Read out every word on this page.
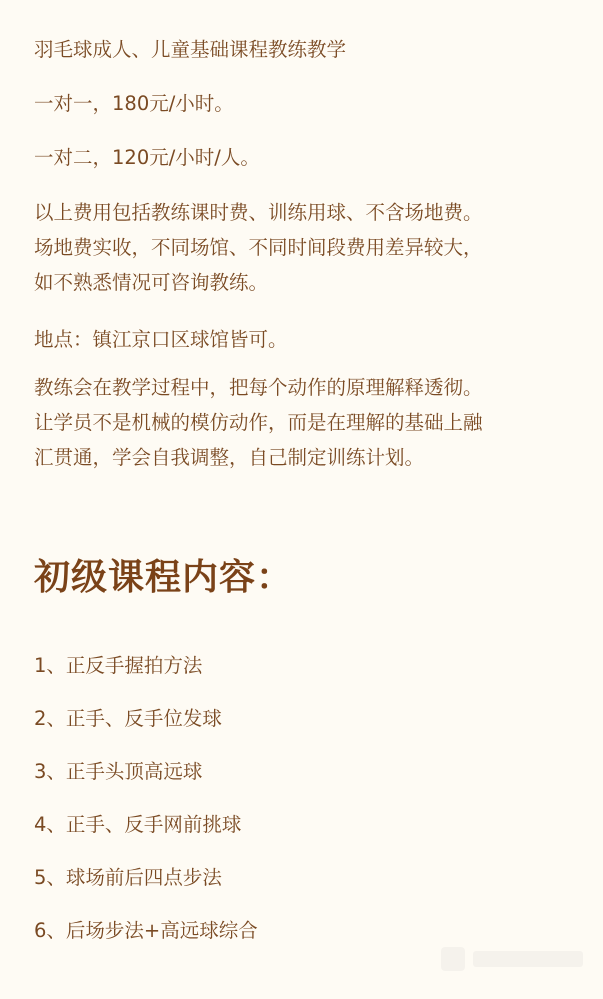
羽毛球成人、儿童基础课程教练教学

一对一，180元/小时。

一对二，120元/小时/人。

以上费用包括教练课时费、训练用球、不含场地费。
场地费实收，不同场馆、不同时间段费用差异较大，
如不熟悉情况可咨询教练。

地点：镇江京口区球馆皆可。

教练会在教学过程中，把每个动作的原理解释透彻。
让学员不是机械的模仿动作，而是在理解的基础上融
汇贯通，学会自我调整，自己制定训练计划。

初级课程内容：
1、正反手握拍方法
2、正手、反手位发球
3、正手头顶高远球
4、正手、反手网前挑球
5、球场前后四点步法
6、后场步法+高远球综合
